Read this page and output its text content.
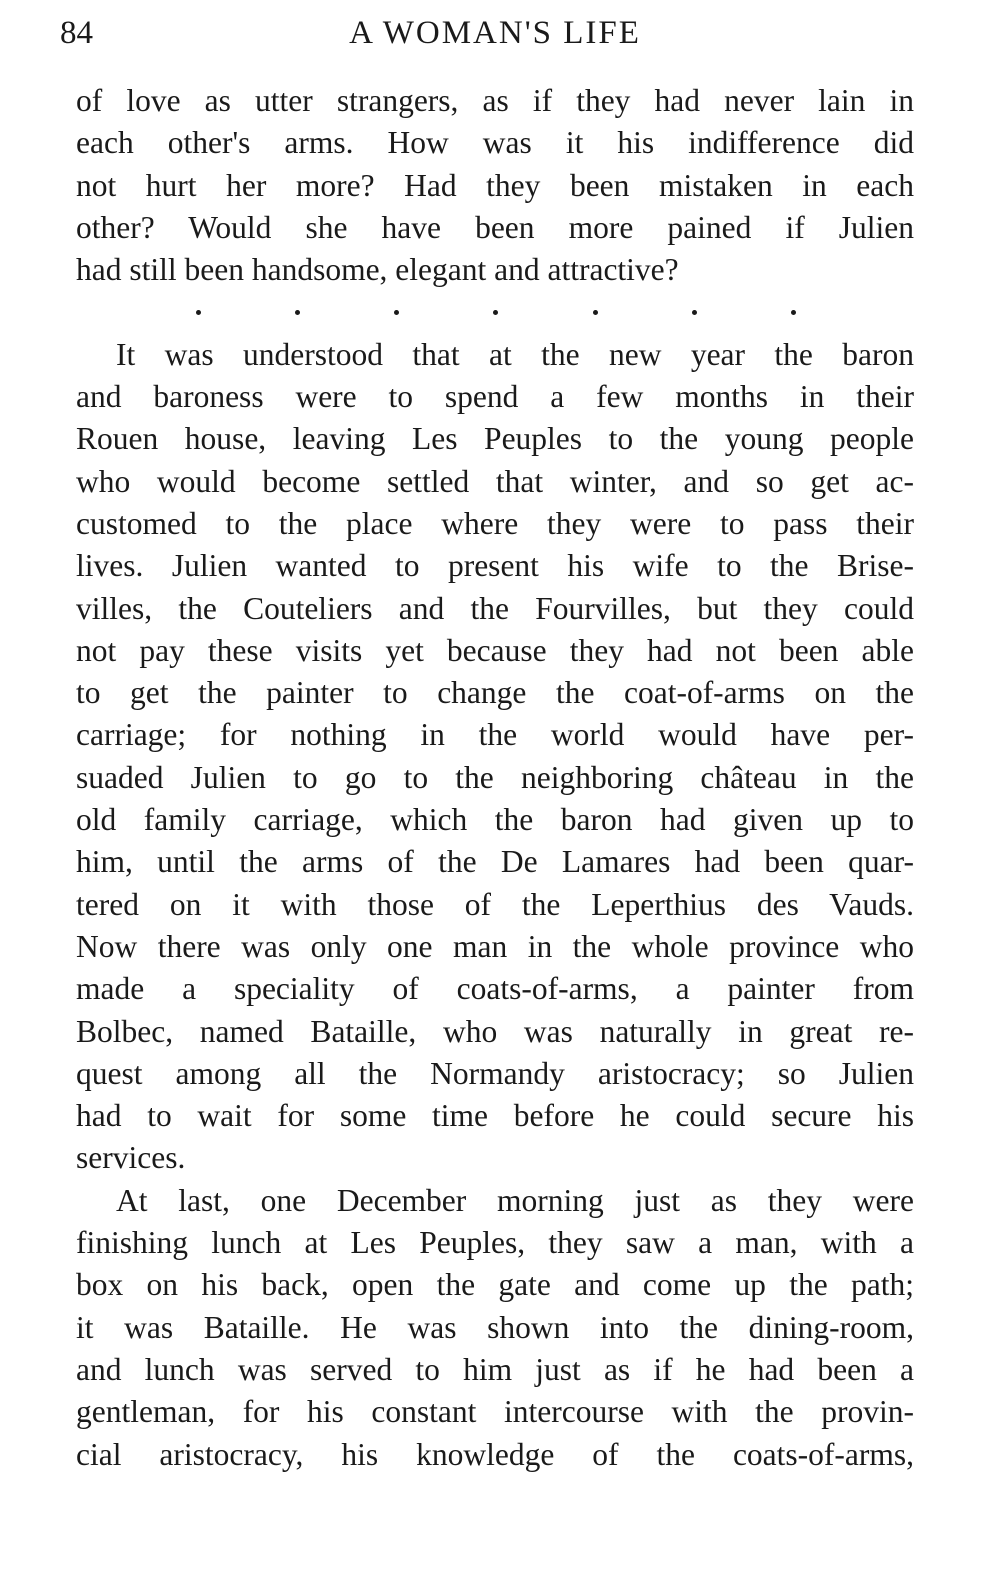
84	A WOMAN'S LIFE
of love as utter strangers, as if they had never lain in
each other's arms. How was it his indifference did
not hurt her more? Had they been mistaken in each
other? Would she have been more pained if Julien
had still been handsome, elegant and attractive?
It was understood that at the new year the baron
and baroness were to spend a few months in their
Rouen house, leaving Les Peuples to the young people
who would become settled that winter, and so get ac-
customed to the place where they were to pass their
lives. Julien wanted to present his wife to the Brise-
villes, the Couteliers and the Fourvilles, but they could
not pay these visits yet because they had not been able
to get the painter to change the coat-of-arms on the
carriage; for nothing in the world would have per-
suaded Julien to go to the neighboring château in the
old family carriage, which the baron had given up to
him, until the arms of the De Lamares had been quar-
tered on it with those of the Leperthius des Vauds.
Now there was only one man in the whole province who
made a speciality of coats-of-arms, a painter from
Bolbec, named Bataille, who was naturally in great re-
quest among all the Normandy aristocracy; so Julien
had to wait for some time before he could secure his
services.
At last, one December morning just as they were
finishing lunch at Les Peuples, they saw a man, with a
box on his back, open the gate and come up the path;
it was Bataille. He was shown into the dining-room,
and lunch was served to him just as if he had been a
gentleman, for his constant intercourse with the provin-
cial aristocracy, his knowledge of the coats-of-arms,
